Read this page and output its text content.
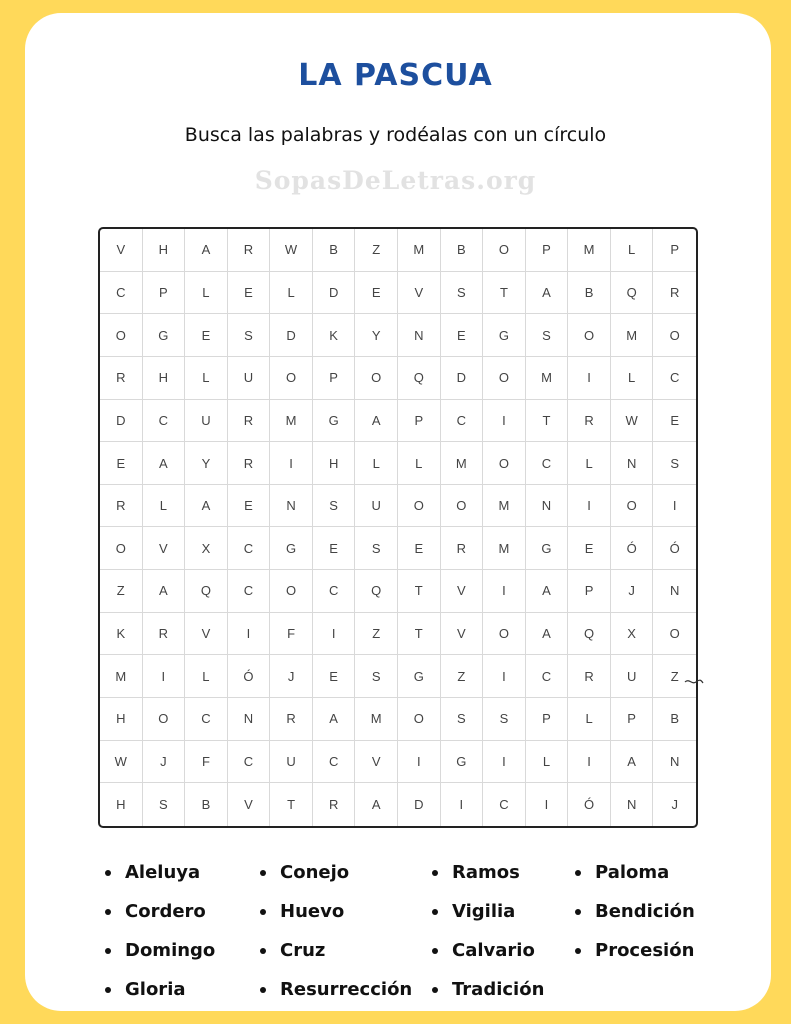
LA PASCUA
Busca las palabras y rodéalas con un círculo
SopasDeLetras.org
V	H	A	R	W	B	Z	M	B	O	P	M	L	P
C	P	L	E	L	D	E	V	S	T	A	B	Q	R
O	G	E	S	D	K	Y	N	E	G	S	O	M	O
R	H	L	U	O	P	O	Q	D	O	M	I	L	C
D	C	U	R	M	G	A	P	C	I	T	R	W	E
E	A	Y	R	I	H	L	L	M	O	C	L	N	S
R	L	A	E	N	S	U	O	O	M	N	I	O	I
O	V	X	C	G	E	S	E	R	M	G	E	Ó	Ó
Z	A	Q	C	O	C	Q	T	V	I	A	P	J	N
K	R	V	I	F	I	Z	T	V	O	A	Q	X	O
M	I	L	Ó	J	E	S	G	Z	I	C	R	U	Z
H	O	C	N	R	A	M	O	S	S	P	L	P	B
W	J	F	C	U	C	V	I	G	I	L	I	A	N
H	S	B	V	T	R	A	D	I	C	I	Ó	N	J
Aleluya
Cordero
Domingo
Gloria
Conejo
Huevo
Cruz
Resurrección
Ramos
Vigilia
Calvario
Tradición
Paloma
Bendición
Procesión
